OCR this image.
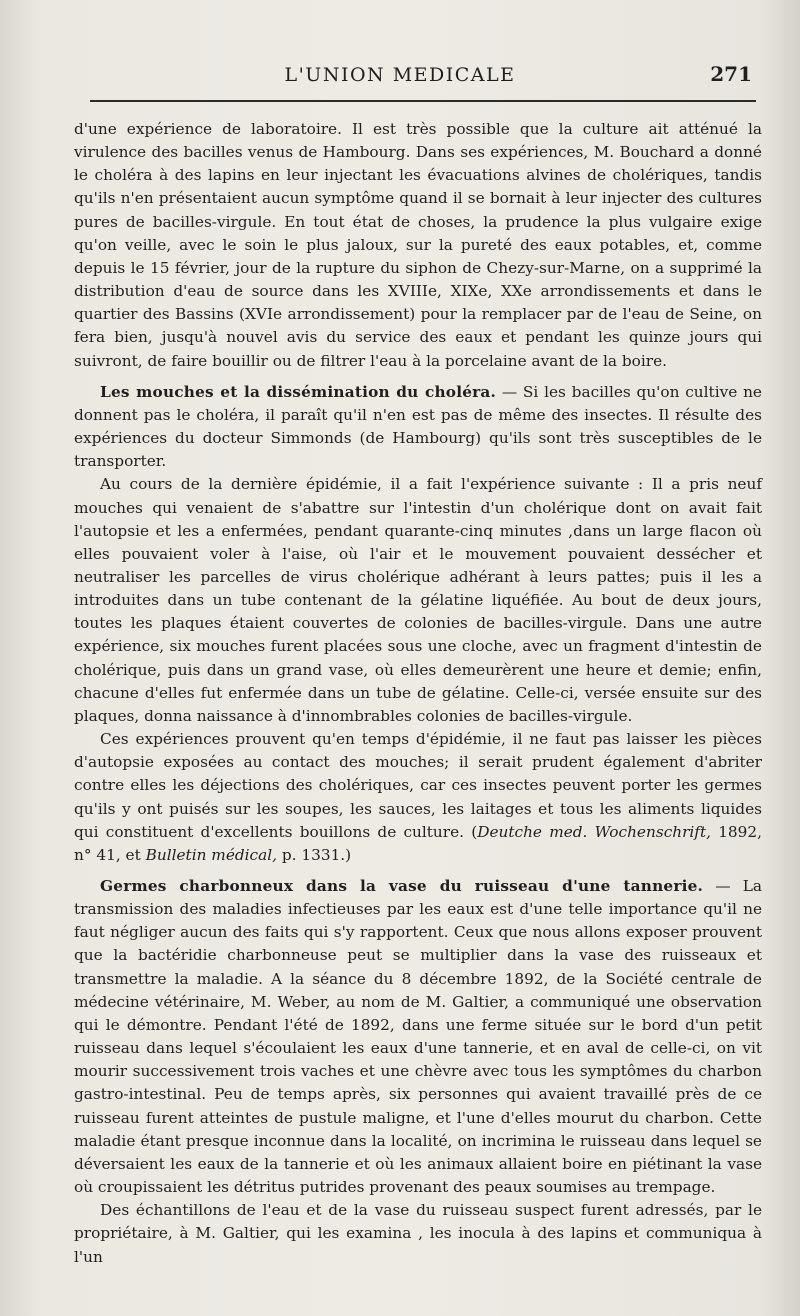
L'UNION MEDICALE	271

d'une expérience de laboratoire. Il est très possible que la culture ait atténué la virulence des bacilles venus de Hambourg. Dans ses expériences, M. Bouchard a donné le choléra à des lapins en leur injectant les évacuations alvines de cholériques, tandis qu'ils n'en présentaient aucun symptôme quand il se bornait à leur injecter des cultures pures de bacilles-virgule. En tout état de choses, la prudence la plus vulgaire exige qu'on veille, avec le soin le plus jaloux, sur la pureté des eaux potables, et, comme depuis le 15 février, jour de la rupture du siphon de Chezy-sur-Marne, on a supprimé la distribution d'eau de source dans les XVIIIe, XIXe, XXe arrondissements et dans le quartier des Bassins (XVIe arrondissement) pour la remplacer par de l'eau de Seine, on fera bien, jusqu'à nouvel avis du service des eaux et pendant les quinze jours qui suivront, de faire bouillir ou de filtrer l'eau à la porcelaine avant de la boire.

Les mouches et la dissémination du choléra. — Si les bacilles qu'on cultive ne donnent pas le choléra, il paraît qu'il n'en est pas de même des insectes. Il résulte des expériences du docteur Simmonds (de Hambourg) qu'ils sont très susceptibles de le transporter.

Au cours de la dernière épidémie, il a fait l'expérience suivante : Il a pris neuf mouches qui venaient de s'abattre sur l'intestin d'un cholérique dont on avait fait l'autopsie et les a enfermées, pendant quarante-cinq minutes ,dans un large flacon où elles pouvaient voler à l'aise, où l'air et le mouvement pouvaient dessécher et neutraliser les parcelles de virus cholérique adhérant à leurs pattes; puis il les a introduites dans un tube contenant de la gélatine liquéfiée. Au bout de deux jours, toutes les plaques étaient couvertes de colonies de bacilles-virgule. Dans une autre expérience, six mouches furent placées sous une cloche, avec un fragment d'intestin de cholérique, puis dans un grand vase, où elles demeurèrent une heure et demie; enfin, chacune d'elles fut enfermée dans un tube de gélatine. Celle-ci, versée ensuite sur des plaques, donna naissance à d'innombrables colonies de bacilles-virgule.

Ces expériences prouvent qu'en temps d'épidémie, il ne faut pas laisser les pièces d'autopsie exposées au contact des mouches; il serait prudent également d'abriter contre elles les déjections des cholériques, car ces insectes peuvent porter les germes qu'ils y ont puisés sur les soupes, les sauces, les laitages et tous les aliments liquides qui constituent d'excellents bouillons de culture. (Deutche med. Wochenschrift, 1892, n° 41, et Bulletin médical, p. 1331.)

Germes charbonneux dans la vase du ruisseau d'une tannerie. — La transmission des maladies infectieuses par les eaux est d'une telle importance qu'il ne faut négliger aucun des faits qui s'y rapportent. Ceux que nous allons exposer prouvent que la bactéridie charbonneuse peut se multiplier dans la vase des ruisseaux et transmettre la maladie. A la séance du 8 décembre 1892, de la Société centrale de médecine vétérinaire, M. Weber, au nom de M. Galtier, a communiqué une observation qui le démontre. Pendant l'été de 1892, dans une ferme située sur le bord d'un petit ruisseau dans lequel s'écoulaient les eaux d'une tannerie, et en aval de celle-ci, on vit mourir successivement trois vaches et une chèvre avec tous les symptômes du charbon gastro-intestinal. Peu de temps après, six personnes qui avaient travaillé près de ce ruisseau furent atteintes de pustule maligne, et l'une d'elles mourut du charbon. Cette maladie étant presque inconnue dans la localité, on incrimina le ruisseau dans lequel se déversaient les eaux de la tannerie et où les animaux allaient boire en piétinant la vase où croupissaient les détritus putrides provenant des peaux soumises au trempage.

Des échantillons de l'eau et de la vase du ruisseau suspect furent adressés, par le propriétaire, à M. Galtier, qui les examina , les inocula à des lapins et communiqua à l'un
